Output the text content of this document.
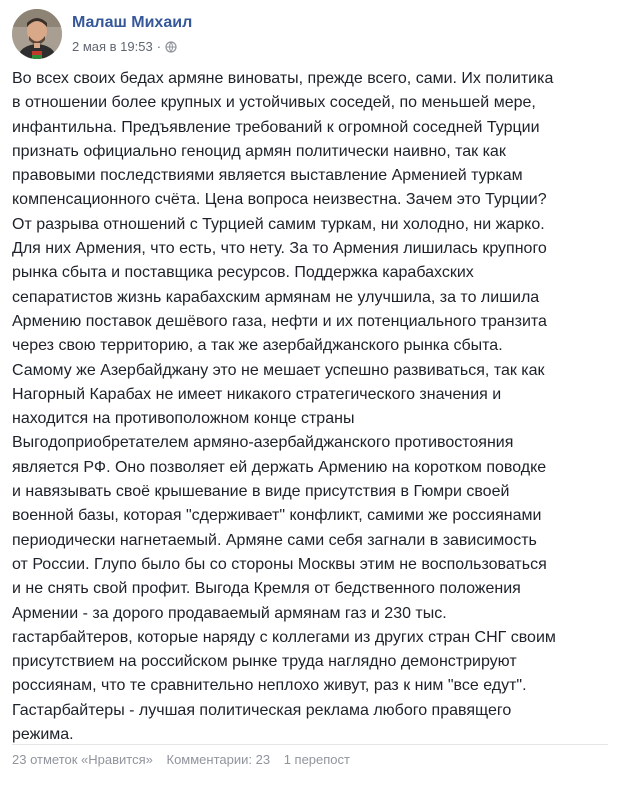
Малаш Михаил
2 мая в 19:53 ·
Во всех своих бедах армяне виноваты, прежде всего, сами. Их политика
в отношении более крупных и устойчивых соседей, по меньшей мере,
инфантильна. Предъявление требований к огромной соседней Турции
признать официально геноцид армян политически наивно, так как
правовыми последствиями является выставление Арменией туркам
компенсационного счёта. Цена вопроса неизвестна. Зачем это Турции?
От разрыва отношений с Турцией самим туркам, ни холодно, ни жарко.
Для них Армения, что есть, что нету. За то Армения лишилась крупного
рынка сбыта и поставщика ресурсов. Поддержка карабахских
сепаратистов жизнь карабахским армянам не улучшила, за то лишила
Армению поставок дешёвого газа, нефти и их потенциального транзита
через свою территорию, а так же азербайджанского рынка сбыта.
Самому же Азербайджану это не мешает успешно развиваться, так как
Нагорный Карабах не имеет никакого стратегического значения и
находится на противоположном конце страны
Выгодоприобретателем армяно-азербайджанского противостояния
является РФ. Оно позволяет ей держать Армению на коротком поводке
и навязывать своё крышевание в виде присутствия в Гюмри своей
военной базы, которая "сдерживает" конфликт, самими же россиянами
периодически нагнетаемый. Армяне сами себя загнали в зависимость
от России. Глупо было бы со стороны Москвы этим не воспользоваться
и не снять свой профит. Выгода Кремля от бедственного положения
Армении - за дорого продаваемый армянам газ и 230 тыс.
гастарбайтеров, которые наряду с коллегами из других стран СНГ своим
присутствием на российском рынке труда наглядно демонстрируют
россиянам, что те сравнительно неплохо живут, раз к ним "все едут".
Гастарбайтеры - лучшая политическая реклама любого правящего
режима.
23 отметок «Нравится» Комментарии: 23 1 перепост
